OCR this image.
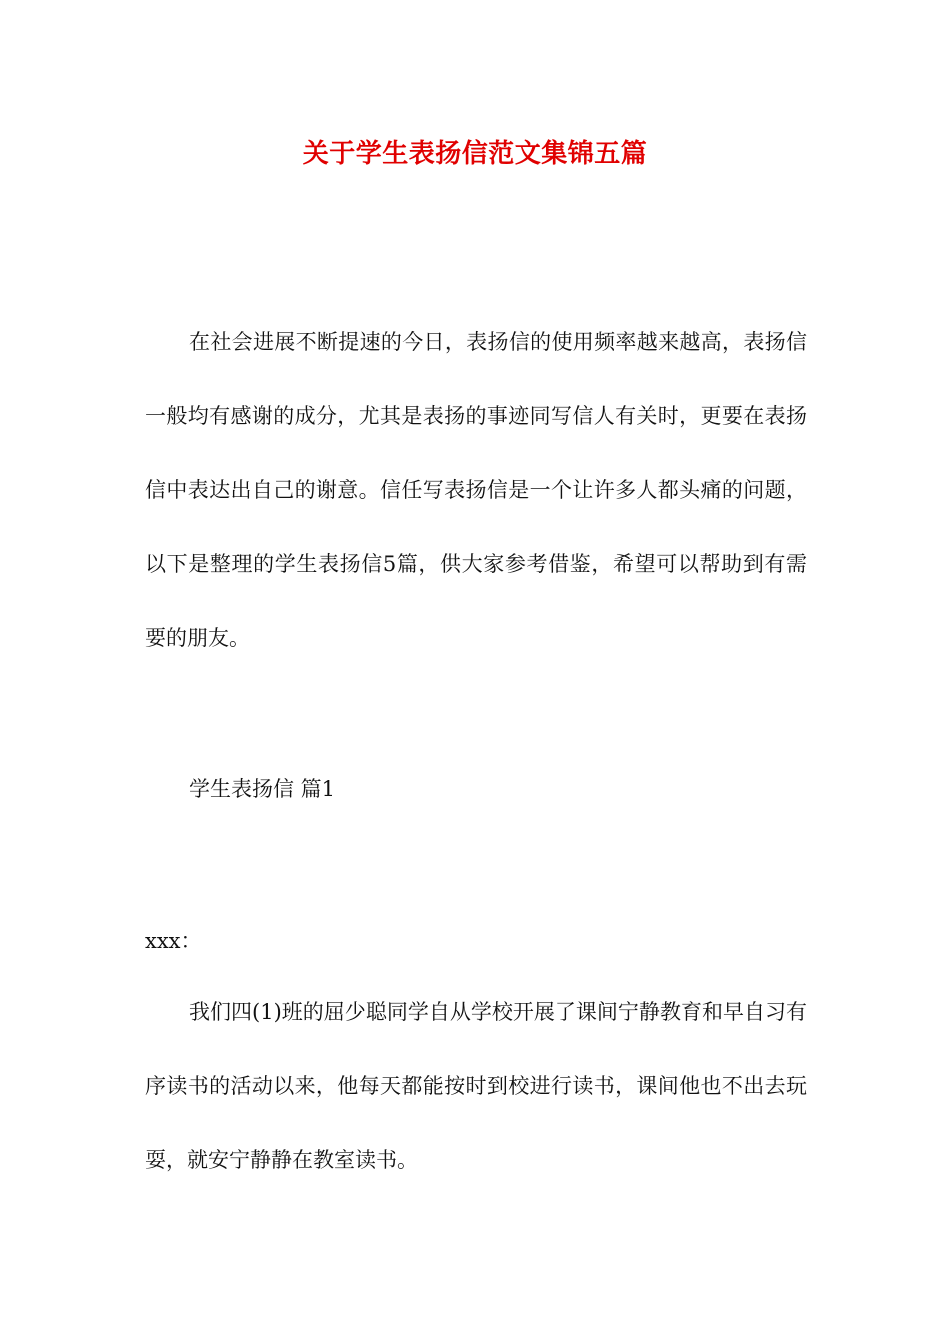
关于学生表扬信范文集锦五篇

在社会进展不断提速的今日，表扬信的使用频率越来越高，表扬信一般均有感谢的成分，尤其是表扬的事迹同写信人有关时，更要在表扬信中表达出自己的谢意。信任写表扬信是一个让许多人都头痛的问题，以下是整理的学生表扬信5篇，供大家参考借鉴，希望可以帮助到有需要的朋友。

学生表扬信 篇1

xxx：

我们四(1)班的屈少聪同学自从学校开展了课间宁静教育和早自习有序读书的活动以来，他每天都能按时到校进行读书，课间他也不出去玩耍，就安宁静静在教室读书。
